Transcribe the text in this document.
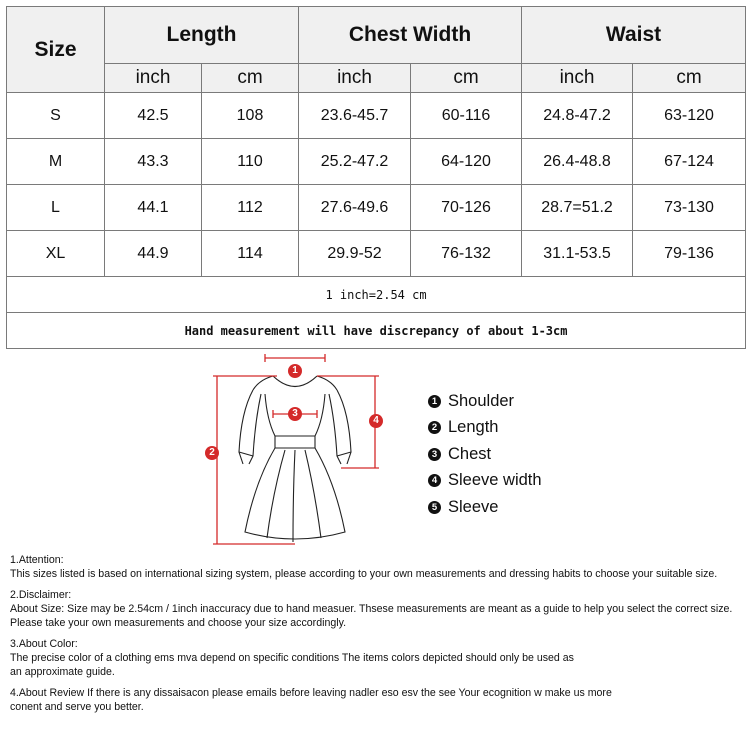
Size	Length		Chest Width		Waist	
	inch	cm	inch	cm	inch	cm
S	42.5	108	23.6-45.7	60-116	24.8-47.2	63-120
M	43.3	110	25.2-47.2	64-120	26.4-48.8	67-124
L	44.1	112	27.6-49.6	70-126	28.7=51.2	73-130
XL	44.9	114	29.9-52	76-132	31.1-53.5	79-136
1 inch=2.54 cm						
Hand measurement will have discrepancy of about 1-3cm						
1
2
3
4
1 Shoulder
2 Length
3 Chest
4 Sleeve width
5 Sleeve

1.Attention:

This sizes listed is based on international sizing system, please according to your own measurements and dressing habits to choose your suitable size.

2.Disclaimer:

About Size: Size may be 2.54cm / 1inch inaccuracy due to hand measuer. Thsese measurements are meant as a guide to help you select the correct size.

Please take your own measurements and choose your size accordingly.

3.About Color:

The precise color of a clothing ems mva depend on specific conditions The items colors depicted should only be used as

an approximate guide.

4.About Review If there is any dissaisacon please emails before leaving nadler eso esv the see Your ecognition w make us more

conent and serve you better.
